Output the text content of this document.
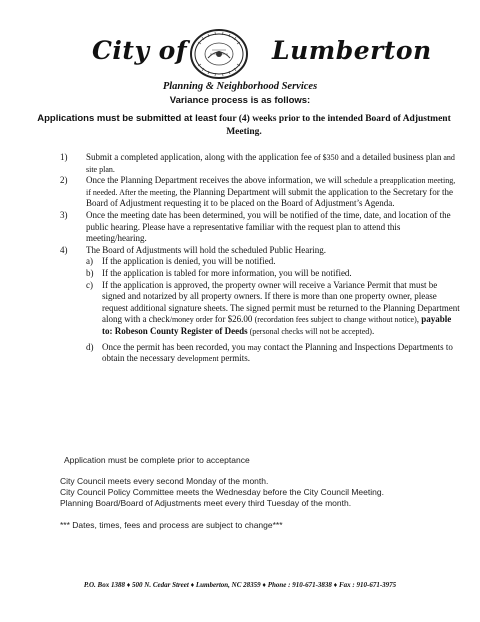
City of	Lumberton
Planning & Neighborhood Services
Variance process is as follows:
Applications must be submitted at least four (4) weeks prior to the intended Board of Adjustment Meeting.
1) Submit a completed application, along with the application fee of $350 and a detailed business plan and site plan.
2) Once the Planning Department receives the above information, we will schedule a preapplication meeting, if needed. After the meeting, the Planning Department will submit the application to the Secretary for the Board of Adjustment requesting it to be placed on the Board of Adjustment’s Agenda.
3) Once the meeting date has been determined, you will be notified of the time, date, and location of the public hearing. Please have a representative familiar with the request plan to attend this meeting/hearing.
4) The Board of Adjustments will hold the scheduled Public Hearing.
a) If the application is denied, you will be notified.
b) If the application is tabled for more information, you will be notified.
c) If the application is approved, the property owner will receive a Variance Permit that must be signed and notarized by all property owners. If there is more than one property owner, please request additional signature sheets. The signed permit must be returned to the Planning Department along with a check/money order for $26.00 (recordation fees subject to change without notice), payable to: Robeson County Register of Deeds (personal checks will not be accepted).
d) Once the permit has been recorded, you may contact the Planning and Inspections Departments to obtain the necessary development permits.
Application must be complete prior to acceptance
City Council meets every second Monday of the month.
City Council Policy Committee meets the Wednesday before the City Council Meeting.
Planning Board/Board of Adjustments meet every third Tuesday of the month.
*** Dates, times, fees and process are subject to change***
P.O. Box 1388 ♦ 500 N. Cedar Street ♦ Lumberton, NC 28359 ♦ Phone : 910-671-3838 ♦ Fax : 910-671-3975
